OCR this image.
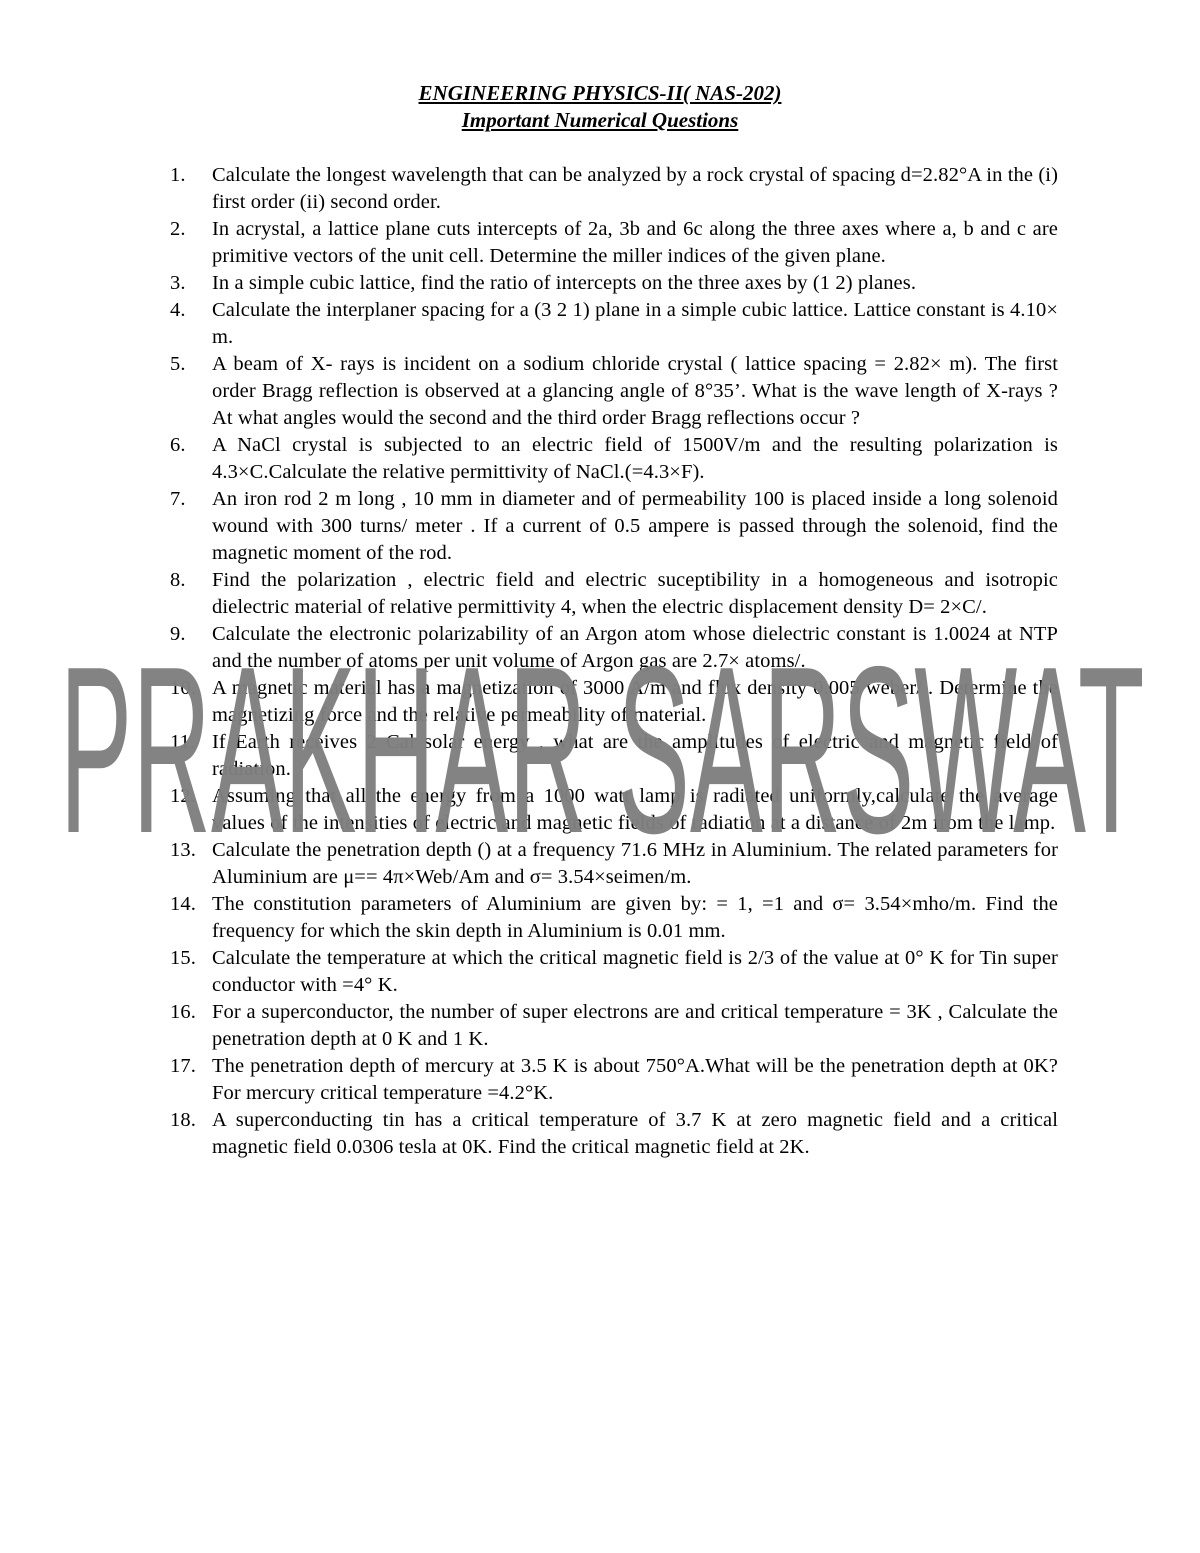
ENGINEERING PHYSICS-II( NAS-202)

Important Numerical Questions

1.	Calculate the longest wavelength that can be analyzed by a rock crystal of spacing d=2.82°A in the (i) first order (ii) second order.
2.	In acrystal, a lattice plane cuts intercepts of 2a, 3b and 6c along the three axes where a, b and c are primitive vectors of the unit cell. Determine the miller indices of the given plane.
3.	In a simple cubic lattice, find the ratio of intercepts on the three axes by (1 2) planes.
4.	Calculate the interplaner spacing for a (3 2 1) plane in a simple cubic lattice. Lattice constant is 4.10× m.
5.	A beam of X- rays is incident on a sodium chloride crystal ( lattice spacing = 2.82× m). The first order Bragg reflection is observed at a glancing angle of 8°35’. What is the wave length of X-rays ? At what angles would the second and the third order Bragg reflections occur ?
6.	A NaCl crystal is subjected to an electric field of 1500V/m and the resulting polarization is 4.3×C.Calculate the relative permittivity of NaCl.(=4.3×F).
7.	An iron rod 2 m long , 10 mm in diameter and of permeability 100 is placed inside a long solenoid wound with 300 turns/ meter . If a current of 0.5 ampere is passed through the solenoid, find the magnetic moment of the rod.
8.	Find the polarization , electric field and electric suceptibility in a homogeneous and isotropic dielectric material of relative permittivity 4, when the electric displacement density D= 2×C/.
9.	Calculate the electronic polarizability of an Argon atom whose dielectric constant is 1.0024 at NTP and the number of atoms per unit volume of Argon gas are 2.7× atoms/.
10. A magnetic material has a magnetization of 3000 A/m and flux density 0.005 weber/ . Determine the magnetizing force and the relative permeability of material.
11. If Earth receives 2 Cal solar energy , what are the amplitudes of electric and magnetic field of radiation.
12. Assuming that all the energy from a 1000 watt lamp is radiated uniformly,calculate the average values of the intensities of electric and magnetic fields of radiation at a distance of 2m from the lamp.
13. Calculate the penetration depth () at a frequency 71.6 MHz in Aluminium. The related parameters for Aluminium are μ== 4π×Web/Am and σ= 3.54×seimen/m.
14. The constitution parameters of Aluminium are given by: = 1, =1 and σ= 3.54×mho/m. Find the frequency for which the skin depth in Aluminium is 0.01 mm.
15. Calculate the temperature at which the critical magnetic field is 2/3 of the value at 0° K for Tin super conductor with =4° K.
16. For a superconductor, the number of super electrons are and critical temperature = 3K , Calculate the penetration depth at 0 K and 1 K.
17. The penetration depth of mercury at 3.5 K is about 750°A.What will be the penetration depth at 0K? For mercury critical temperature =4.2°K.
18. A superconducting tin has a critical temperature of 3.7 K at zero magnetic field and a critical magnetic field 0.0306 tesla at 0K. Find the critical magnetic field at 2K.
PRAKHAR SARSWAT
